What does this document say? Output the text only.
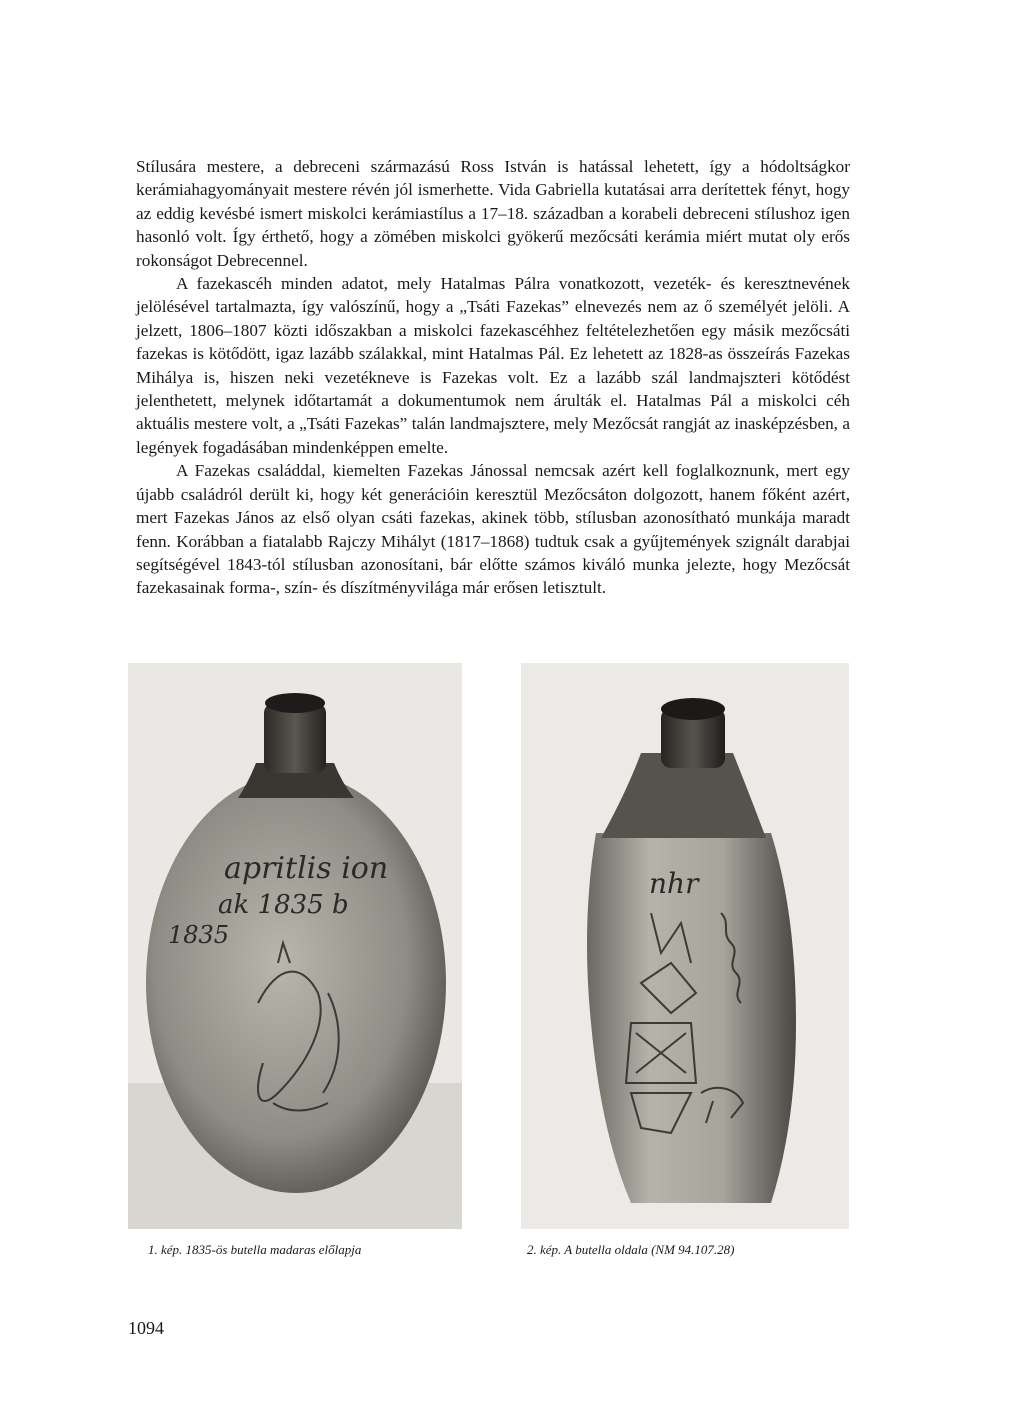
Stílusára mestere, a debreceni származású Ross István is hatással lehetett, így a hódoltságkor kerámiahagyományait mestere révén jól ismerhette. Vida Gabriella kutatásai arra derítettek fényt, hogy az eddig kevésbé ismert miskolci kerámiastílus a 17–18. században a korabeli debreceni stílushoz igen hasonló volt. Így érthető, hogy a zömében miskolci gyökerű mezőcsáti kerámia miért mutat oly erős rokonságot Debrecennel.

A fazekascéh minden adatot, mely Hatalmas Pálra vonatkozott, vezeték- és keresztnevének jelölésével tartalmazta, így valószínű, hogy a „Tsáti Fazekas” elnevezés nem az ő személyét jelöli. A jelzett, 1806–1807 közti időszakban a miskolci fazekascéhhez feltételezhetően egy másik mezőcsáti fazekas is kötődött, igaz lazább szálakkal, mint Hatalmas Pál. Ez lehetett az 1828-as összeírás Fazekas Mihálya is, hiszen neki vezetékneve is Fazekas volt. Ez a lazább szál landmajszteri kötődést jelenthetett, melynek időtartamát a dokumentumok nem árulták el. Hatalmas Pál a miskolci céh aktuális mestere volt, a „Tsáti Fazekas” talán landmajsztere, mely Mezőcsát rangját az inasképzésben, a legények fogadásában mindenképpen emelte.

A Fazekas családdal, kiemelten Fazekas Jánossal nemcsak azért kell foglalkoznunk, mert egy újabb családról derült ki, hogy két generációin keresztül Mezőcsáton dolgozott, hanem főként azért, mert Fazekas János az első olyan csáti fazekas, akinek több, stílusban azonosítható munkája maradt fenn. Korábban a fiatalabb Rajczy Mihályt (1817–1868) tudtuk csak a gyűjtemények szignált darabjai segítségével 1843-tól stílusban azonosítani, bár előtte számos kiváló munka jelezte, hogy Mezőcsát fazekasainak forma-, szín- és díszítményvilága már erősen letisztult.

apritlis ion
ak 1835 b
1835
nhr
1. kép. 1835-ös butella madaras előlapja	2. kép. A butella oldala (NM 94.107.28)
1094
